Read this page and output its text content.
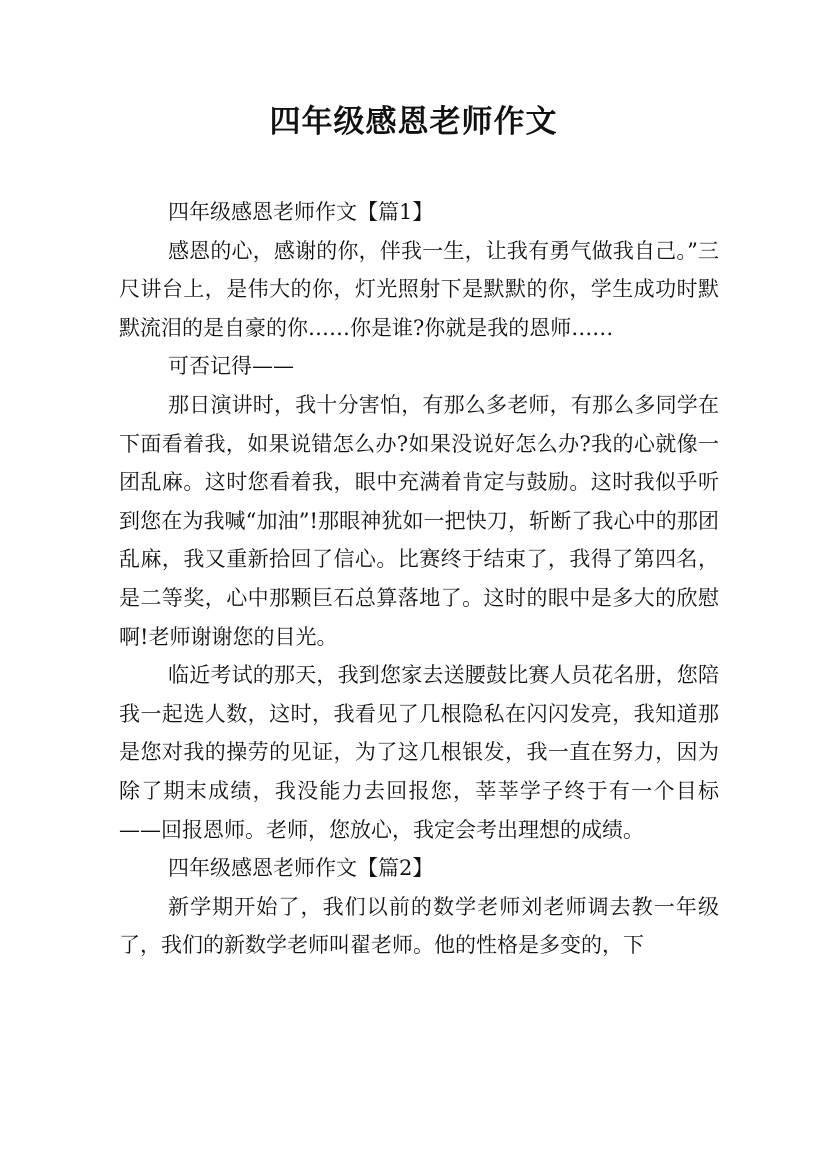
四年级感恩老师作文

四年级感恩老师作文【篇1】

感恩的心，感谢的你，伴我一生，让我有勇气做我自己。”三尺讲台上，是伟大的你，灯光照射下是默默的你，学生成功时默默流泪的是自豪的你……你是谁?你就是我的恩师……

可否记得——

那日演讲时，我十分害怕，有那么多老师，有那么多同学在下面看着我，如果说错怎么办?如果没说好怎么办?我的心就像一团乱麻。这时您看着我，眼中充满着肯定与鼓励。这时我似乎听到您在为我喊“加油”!那眼神犹如一把快刀，斩断了我心中的那团乱麻，我又重新拾回了信心。比赛终于结束了，我得了第四名，是二等奖，心中那颗巨石总算落地了。这时的眼中是多大的欣慰啊!老师谢谢您的目光。

临近考试的那天，我到您家去送腰鼓比赛人员花名册，您陪我一起选人数，这时，我看见了几根隐私在闪闪发亮，我知道那是您对我的操劳的见证，为了这几根银发，我一直在努力，因为除了期末成绩，我没能力去回报您，莘莘学子终于有一个目标——回报恩师。老师，您放心，我定会考出理想的成绩。

四年级感恩老师作文【篇2】

新学期开始了，我们以前的数学老师刘老师调去教一年级了，我们的新数学老师叫翟老师。他的性格是多变的，下
